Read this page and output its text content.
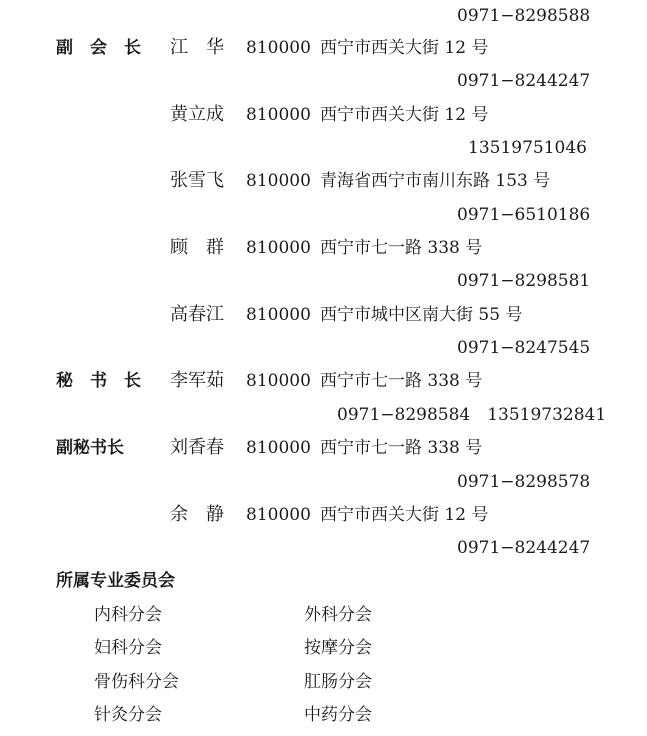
0971−8298588
副　会　长 江　华 810000 西宁市西关大街 12 号
0971−8244247
黄立成 810000 西宁市西关大街 12 号
13519751046
张雪飞 810000 青海省西宁市南川东路 153 号
0971−6510186
顾　群 810000 西宁市七一路 338 号
0971−8298581
高春江 810000 西宁市城中区南大街 55 号
0971−8247545
秘　书　长 李军茹 810000 西宁市七一路 338 号
0971−8298584　13519732841
副秘书长	刘香春 810000 西宁市七一路 338 号
0971−8298578
余　静 810000 西宁市西关大街 12 号
0971−8244247
所属专业委员会
内科分会	外科分会
妇科分会	按摩分会
骨伤科分会	肛肠分会
针灸分会	中药分会
